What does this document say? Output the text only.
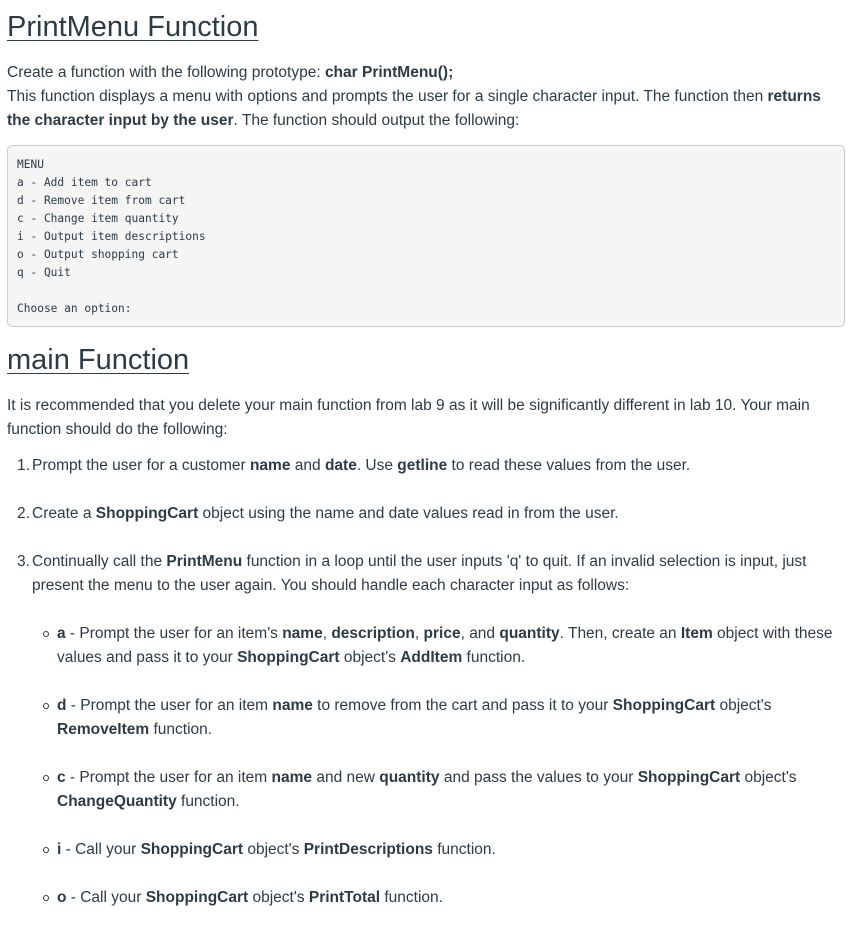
PrintMenu Function

Create a function with the following prototype: char PrintMenu();

This function displays a menu with options and prompts the user for a single character input. The function then returns the character input by the user. The function should output the following:

MENU
a - Add item to cart
d - Remove item from cart
c - Change item quantity
i - Output item descriptions
o - Output shopping cart
q - Quit

Choose an option:
main Function

It is recommended that you delete your main function from lab 9 as it will be significantly different in lab 10. Your main function should do the following:

1. Prompt the user for a customer name and date. Use getline to read these values from the user.
2. Create a ShoppingCart object using the name and date values read in from the user.
3. Continually call the PrintMenu function in a loop until the user inputs 'q' to quit. If an invalid selection is input, just present the menu to the user again. You should handle each character input as follows:
a - Prompt the user for an item's name, description, price, and quantity. Then, create an Item object with these values and pass it to your ShoppingCart object's AddItem function.
d - Prompt the user for an item name to remove from the cart and pass it to your ShoppingCart object's RemoveItem function.
c - Prompt the user for an item name and new quantity and pass the values to your ShoppingCart object's ChangeQuantity function.
i - Call your ShoppingCart object's PrintDescriptions function.
o - Call your ShoppingCart object's PrintTotal function.
